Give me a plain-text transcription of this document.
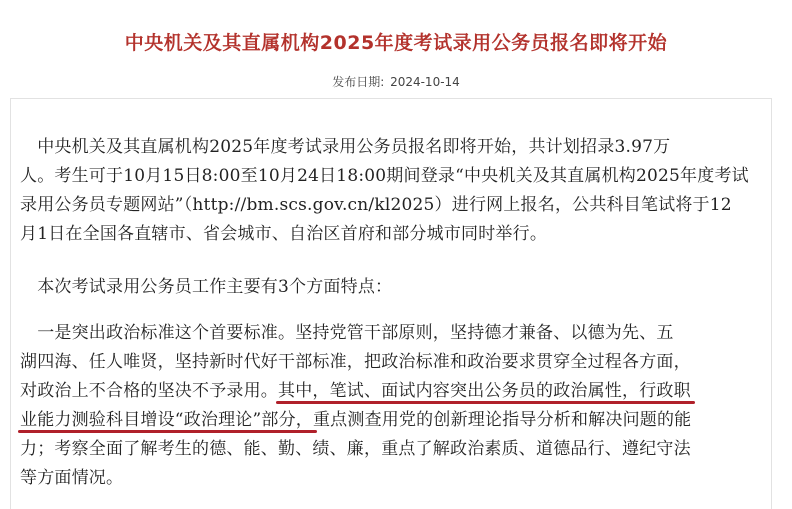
中央机关及其直属机构2025年度考试录用公务员报名即将开始
发布日期: 2024-10-14
　中央机关及其直属机构2025年度考试录用公务员报名即将开始，共计划招录3.97万
人。考生可于10月15日8:00至10月24日18:00期间登录“中央机关及其直属机构2025年度考试
录用公务员专题网站”（http://bm.scs.gov.cn/kl2025）进行网上报名，公共科目笔试将于12
月1日在全国各直辖市、省会城市、自治区首府和部分城市同时举行。
　本次考试录用公务员工作主要有3个方面特点：
　一是突出政治标准这个首要标准。坚持党管干部原则，坚持德才兼备、以德为先、五
湖四海、任人唯贤，坚持新时代好干部标准，把政治标准和政治要求贯穿全过程各方面，
对政治上不合格的坚决不予录用。其中，笔试、面试内容突出公务员的政治属性，行政职
业能力测验科目增设“政治理论”部分，重点测查用党的创新理论指导分析和解决问题的能
力；考察全面了解考生的德、能、勤、绩、廉，重点了解政治素质、道德品行、遵纪守法
等方面情况。
